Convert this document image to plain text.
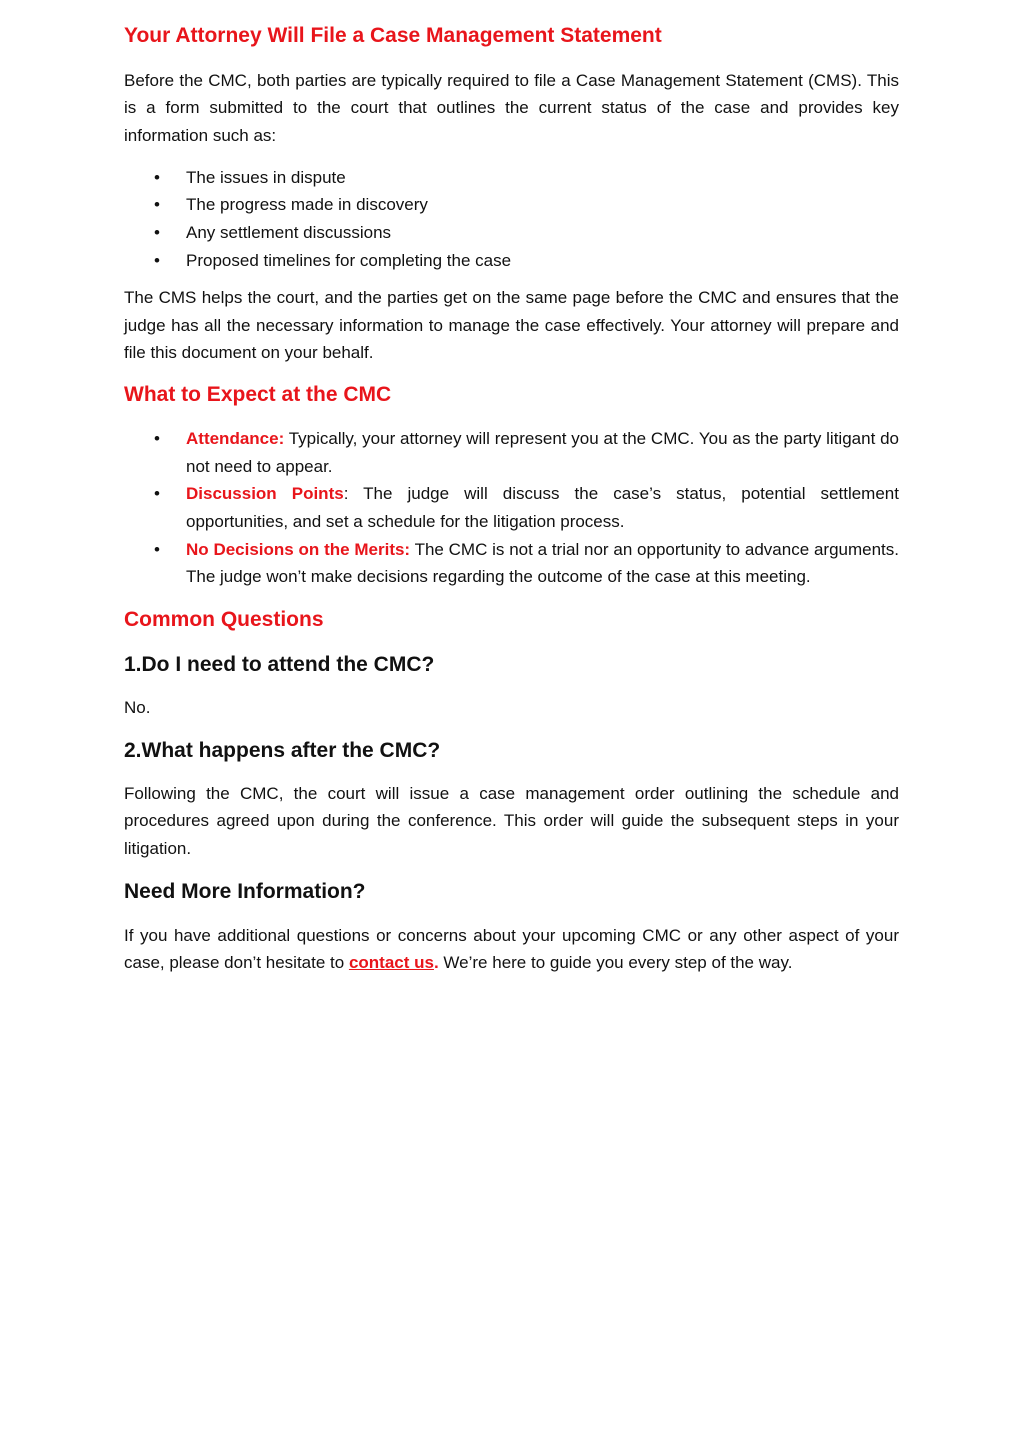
Your Attorney Will File a Case Management Statement

Before the CMC, both parties are typically required to file a Case Management Statement (CMS). This is a form submitted to the court that outlines the current status of the case and provides key information such as:

• The issues in dispute
• The progress made in discovery
• Any settlement discussions
• Proposed timelines for completing the case

The CMS helps the court, and the parties get on the same page before the CMC and ensures that the judge has all the necessary information to manage the case effectively. Your attorney will prepare and file this document on your behalf.

What to Expect at the CMC
• Attendance: Typically, your attorney will represent you at the CMC. You as the party litigant do not need to appear.
• Discussion Points: The judge will discuss the case’s status, potential settlement opportunities, and set a schedule for the litigation process.
• No Decisions on the Merits: The CMC is not a trial nor an opportunity to advance arguments. The judge won’t make decisions regarding the outcome of the case at this meeting.
Common Questions
1.Do I need to attend the CMC?

No.

2.What happens after the CMC?

Following the CMC, the court will issue a case management order outlining the schedule and procedures agreed upon during the conference. This order will guide the subsequent steps in your litigation.

Need More Information?

If you have additional questions or concerns about your upcoming CMC or any other aspect of your case, please don’t hesitate to contact us. We’re here to guide you every step of the way.
